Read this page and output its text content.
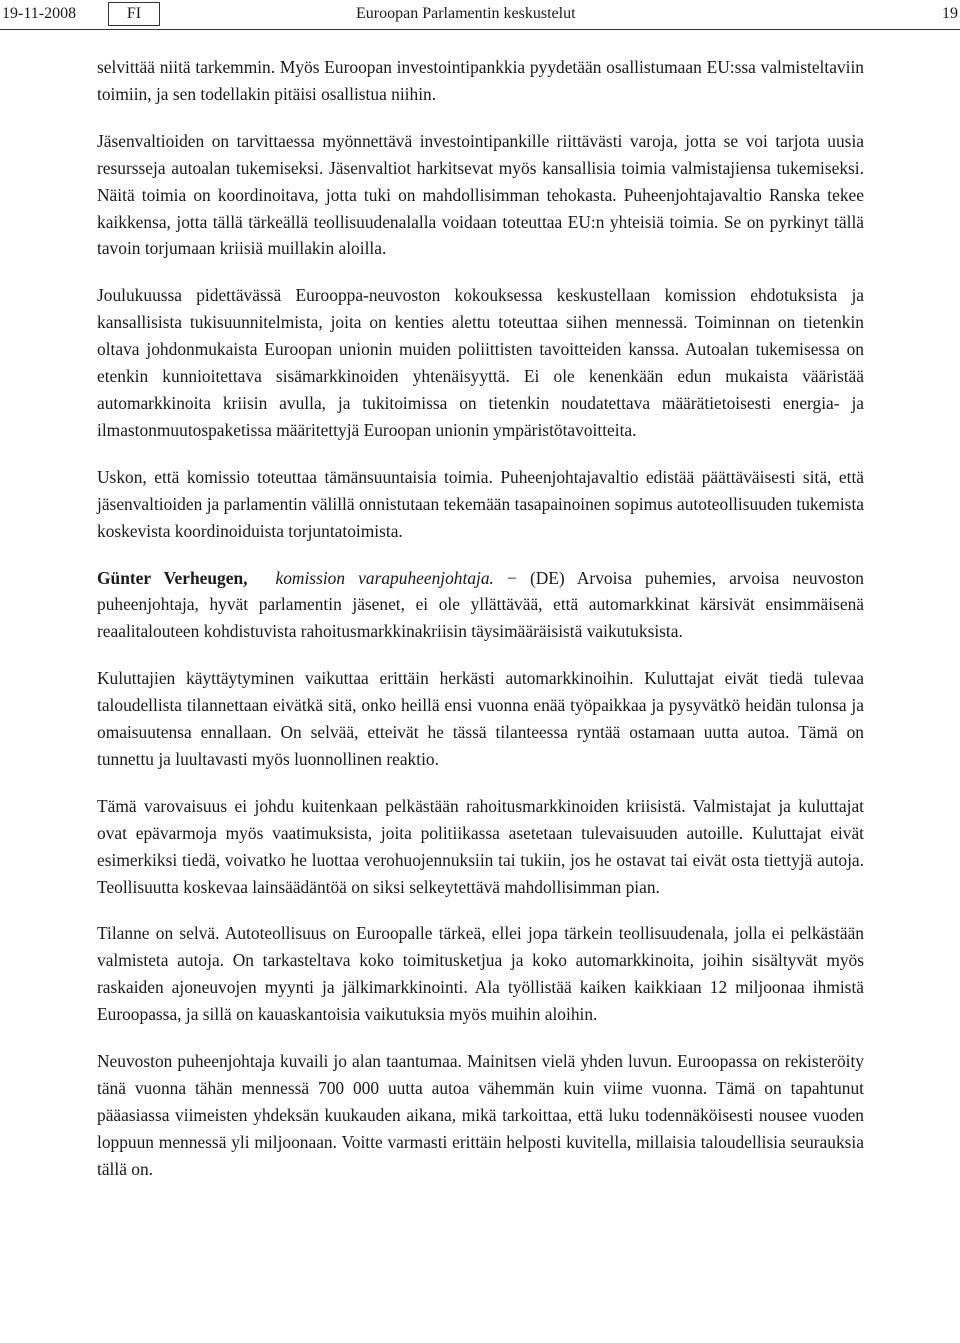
19-11-2008	FI	Euroopan Parlamentin keskustelut	19

selvittää niitä tarkemmin. Myös Euroopan investointipankkia pyydetään osallistumaan EU:ssa valmisteltaviin toimiin, ja sen todellakin pitäisi osallistua niihin.

Jäsenvaltioiden on tarvittaessa myönnettävä investointipankille riittävästi varoja, jotta se voi tarjota uusia resursseja autoalan tukemiseksi. Jäsenvaltiot harkitsevat myös kansallisia toimia valmistajiensa tukemiseksi. Näitä toimia on koordinoitava, jotta tuki on mahdollisimman tehokasta. Puheenjohtajavaltio Ranska tekee kaikkensa, jotta tällä tärkeällä teollisuudenalalla voidaan toteuttaa EU:n yhteisiä toimia. Se on pyrkinyt tällä tavoin torjumaan kriisiä muillakin aloilla.

Joulukuussa pidettävässä Eurooppa-neuvoston kokouksessa keskustellaan komission ehdotuksista ja kansallisista tukisuunnitelmista, joita on kenties alettu toteuttaa siihen mennessä. Toiminnan on tietenkin oltava johdonmukaista Euroopan unionin muiden poliittisten tavoitteiden kanssa. Autoalan tukemisessa on etenkin kunnioitettava sisämarkkinoiden yhtenäisyyttä. Ei ole kenenkään edun mukaista vääristää automarkkinoita kriisin avulla, ja tukitoimissa on tietenkin noudatettava määrätietoisesti energia- ja ilmastonmuutospaketissa määritettyjä Euroopan unionin ympäristötavoitteita.

Uskon, että komissio toteuttaa tämänsuuntaisia toimia. Puheenjohtajavaltio edistää päättäväisesti sitä, että jäsenvaltioiden ja parlamentin välillä onnistutaan tekemään tasapainoinen sopimus autoteollisuuden tukemista koskevista koordinoiduista torjuntatoimista.

Günter Verheugen, komission varapuheenjohtaja. − (DE) Arvoisa puhemies, arvoisa neuvoston puheenjohtaja, hyvät parlamentin jäsenet, ei ole yllättävää, että automarkkinat kärsivät ensimmäisenä reaalitalouteen kohdistuvista rahoitusmarkkinakriisin täysimääräisistä vaikutuksista.

Kuluttajien käyttäytyminen vaikuttaa erittäin herkästi automarkkinoihin. Kuluttajat eivät tiedä tulevaa taloudellista tilannettaan eivätkä sitä, onko heillä ensi vuonna enää työpaikkaa ja pysyvätkö heidän tulonsa ja omaisuutensa ennallaan. On selvää, etteivät he tässä tilanteessa ryntää ostamaan uutta autoa. Tämä on tunnettu ja luultavasti myös luonnollinen reaktio.

Tämä varovaisuus ei johdu kuitenkaan pelkästään rahoitusmarkkinoiden kriisistä. Valmistajat ja kuluttajat ovat epävarmoja myös vaatimuksista, joita politiikassa asetetaan tulevaisuuden autoille. Kuluttajat eivät esimerkiksi tiedä, voivatko he luottaa verohuojennuksiin tai tukiin, jos he ostavat tai eivät osta tiettyjä autoja. Teollisuutta koskevaa lainsäädäntöä on siksi selkeytettävä mahdollisimman pian.

Tilanne on selvä. Autoteollisuus on Euroopalle tärkeä, ellei jopa tärkein teollisuudenala, jolla ei pelkästään valmisteta autoja. On tarkasteltava koko toimitusketjua ja koko automarkkinoita, joihin sisältyvät myös raskaiden ajoneuvojen myynti ja jälkimarkkinointi. Ala työllistää kaiken kaikkiaan 12 miljoonaa ihmistä Euroopassa, ja sillä on kauaskantoisia vaikutuksia myös muihin aloihin.

Neuvoston puheenjohtaja kuvaili jo alan taantumaa. Mainitsen vielä yhden luvun. Euroopassa on rekisteröity tänä vuonna tähän mennessä 700 000 uutta autoa vähemmän kuin viime vuonna. Tämä on tapahtunut pääasiassa viimeisten yhdeksän kuukauden aikana, mikä tarkoittaa, että luku todennäköisesti nousee vuoden loppuun mennessä yli miljoonaan. Voitte varmasti erittäin helposti kuvitella, millaisia taloudellisia seurauksia tällä on.
